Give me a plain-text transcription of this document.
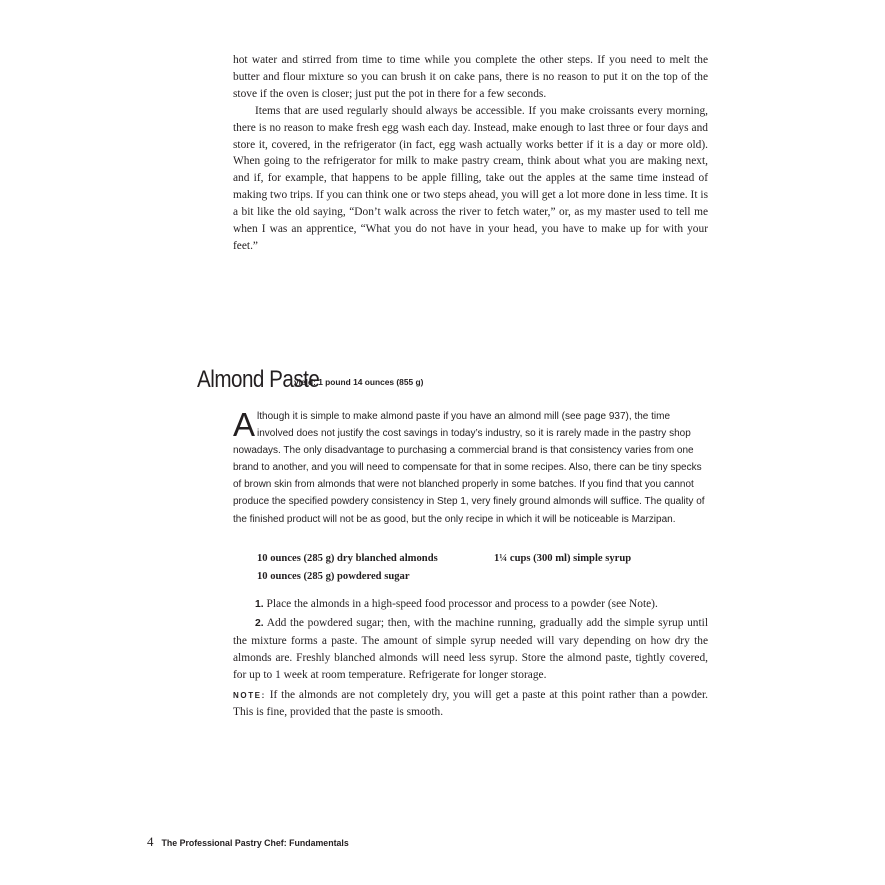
hot water and stirred from time to time while you complete the other steps. If you need to melt the butter and flour mixture so you can brush it on cake pans, there is no reason to put it on the top of the stove if the oven is closer; just put the pot in there for a few seconds.

Items that are used regularly should always be accessible. If you make croissants every morning, there is no reason to make fresh egg wash each day. Instead, make enough to last three or four days and store it, covered, in the refrigerator (in fact, egg wash actually works better if it is a day or more old). When going to the refrigerator for milk to make pastry cream, think about what you are making next, and if, for example, that happens to be apple filling, take out the apples at the same time instead of making two trips. If you can think one or two steps ahead, you will get a lot more done in less time. It is a bit like the old saying, “Don’t walk across the river to fetch water,” or, as my master used to tell me when I was an apprentice, “What you do not have in your head, you have to make up for with your feet.”

Almond Paste yield: 1 pound 14 ounces (855 g)

Although it is simple to make almond paste if you have an almond mill (see page 937), the time involved does not justify the cost savings in today’s industry, so it is rarely made in the pastry shop nowadays. The only disadvantage to purchasing a commercial brand is that consistency varies from one brand to another, and you will need to compensate for that in some recipes. Also, there can be tiny specks of brown skin from almonds that were not blanched properly in some batches. If you find that you cannot produce the specified powdery consistency in Step 1, very finely ground almonds will suffice. The quality of the finished product will not be as good, but the only recipe in which it will be noticeable is Marzipan.

10 ounces (285 g) dry blanched almonds
10 ounces (285 g) powdered sugar
1¼ cups (300 ml) simple syrup

1. Place the almonds in a high-speed food processor and process to a powder (see Note).

2. Add the powdered sugar; then, with the machine running, gradually add the simple syrup until the mixture forms a paste. The amount of simple syrup needed will vary depending on how dry the almonds are. Freshly blanched almonds will need less syrup. Store the almond paste, tightly covered, for up to 1 week at room temperature. Refrigerate for longer storage.

NOTE: If the almonds are not completely dry, you will get a paste at this point rather than a powder. This is fine, provided that the paste is smooth.

4 The Professional Pastry Chef: Fundamentals
